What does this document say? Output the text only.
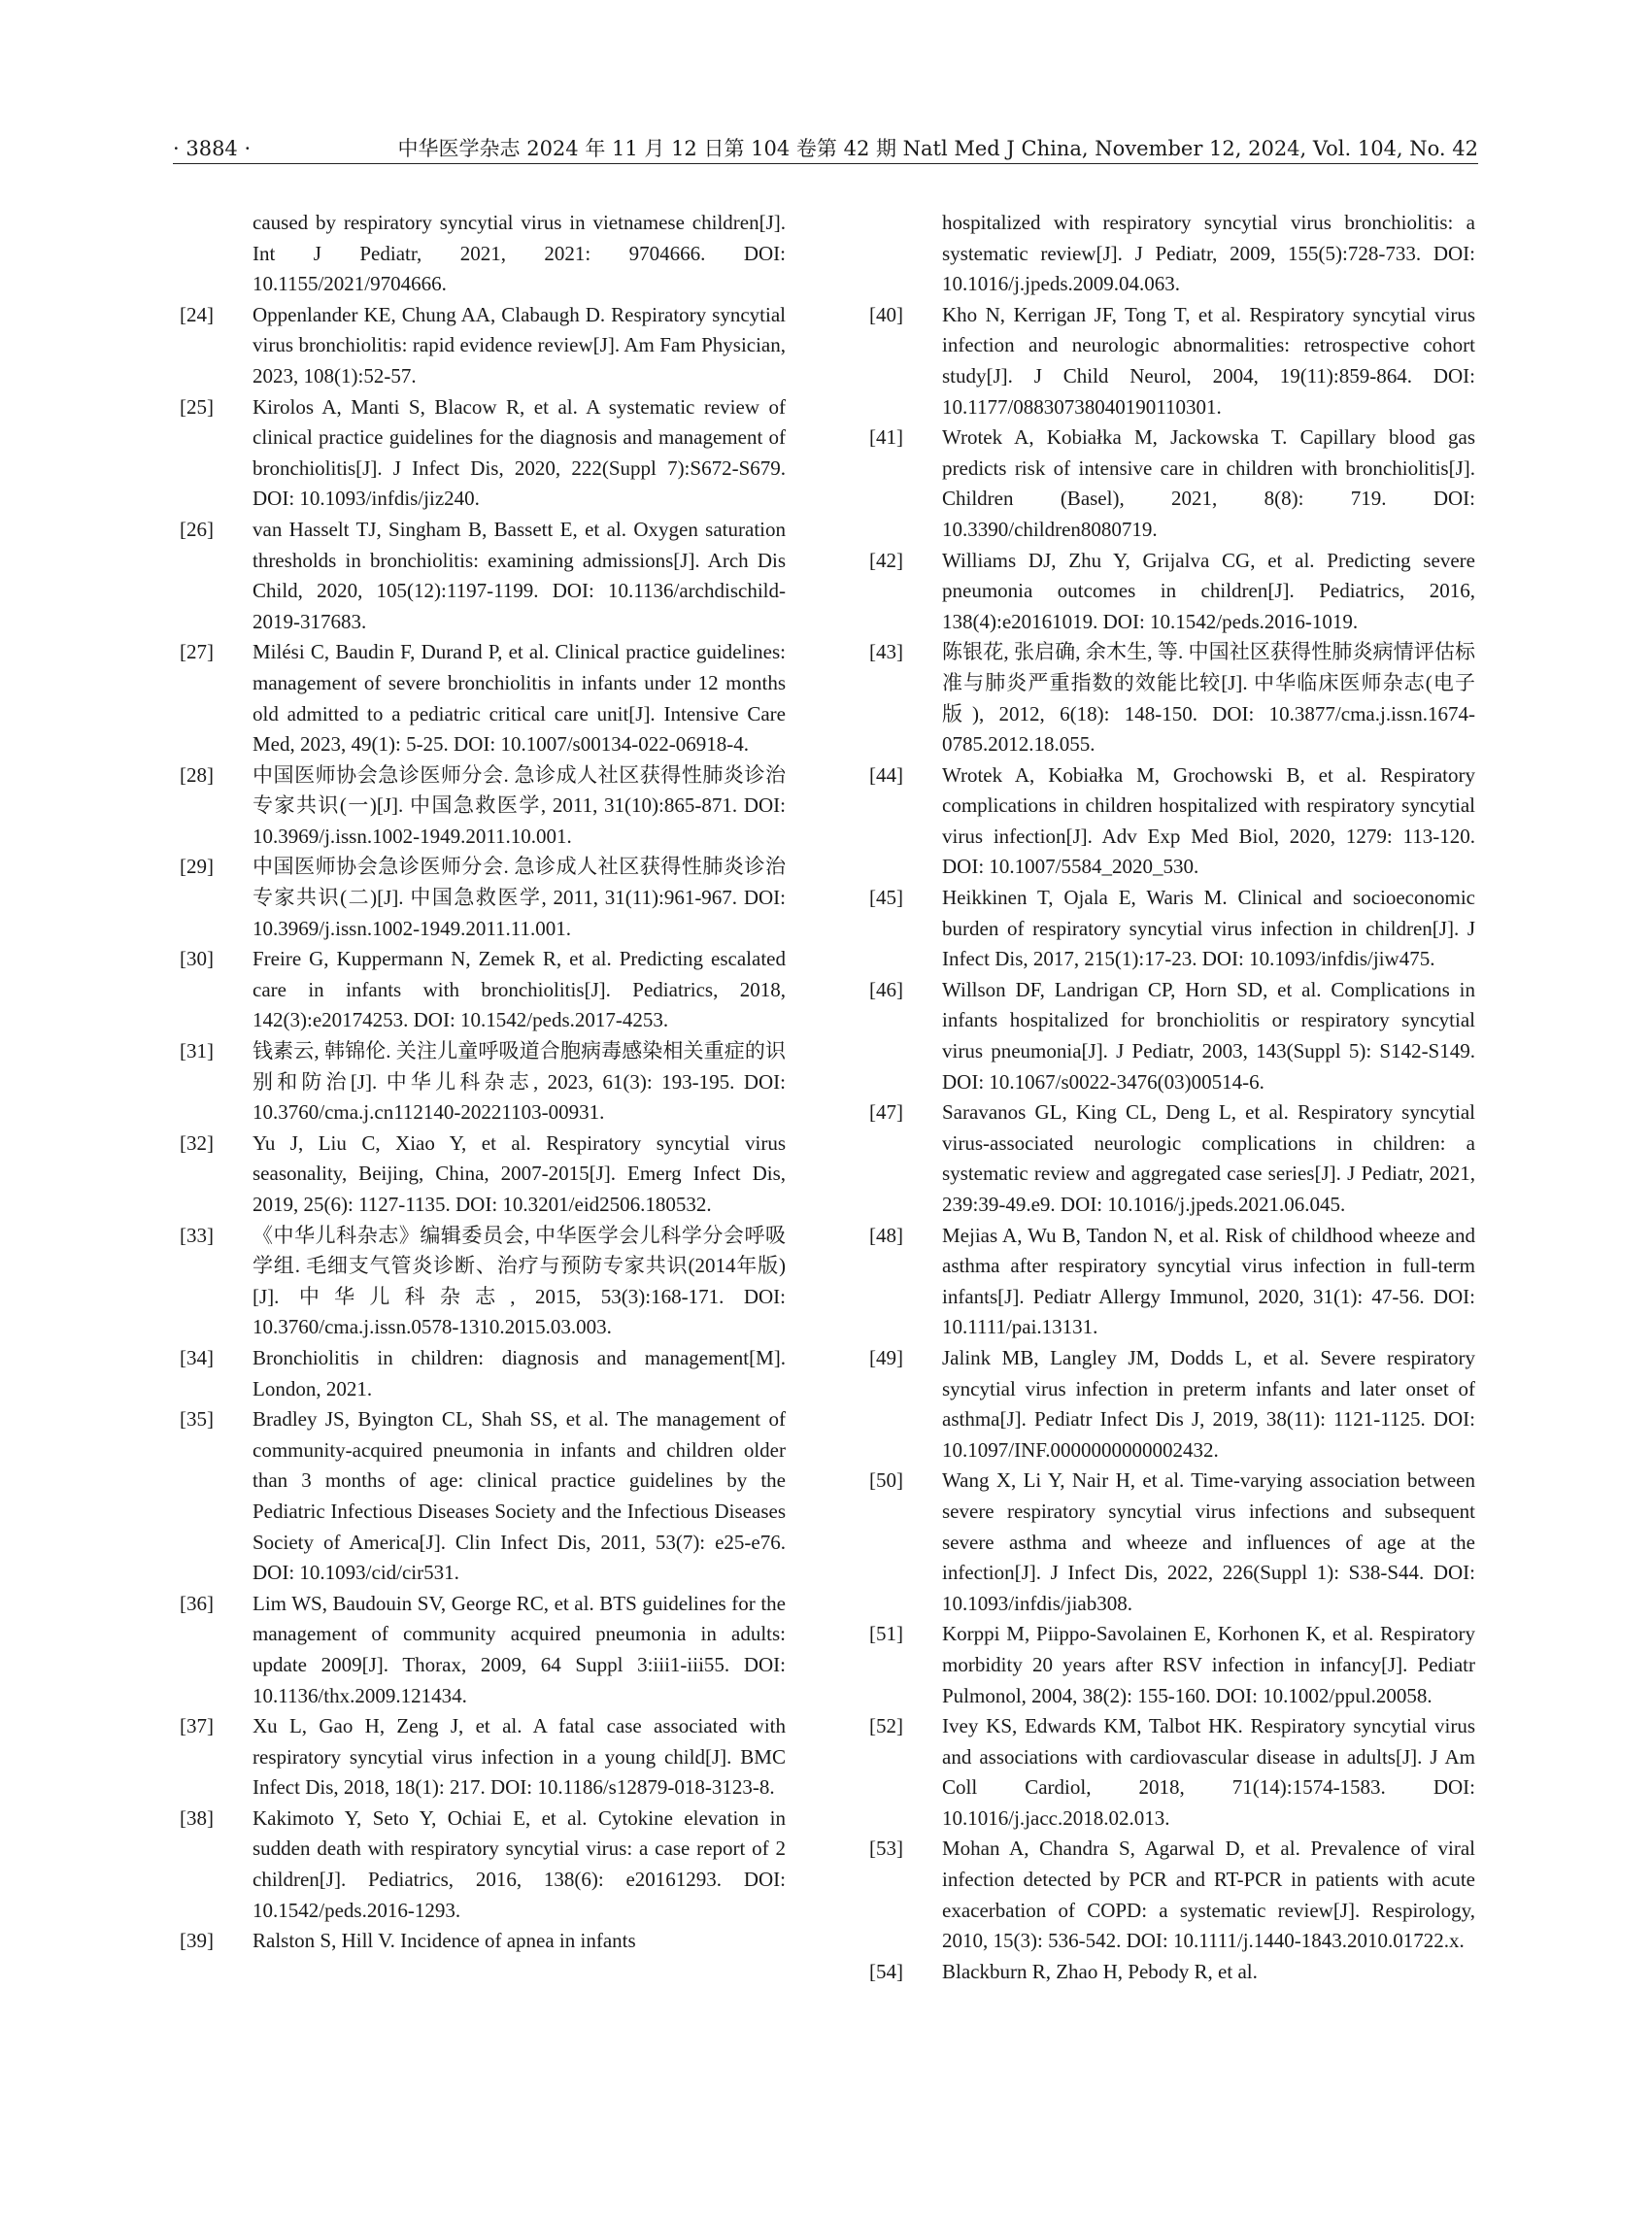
· 3884 ·	中华医学杂志 2024 年 11 月 12 日第 104 卷第 42 期 Natl Med J China, November 12, 2024, Vol. 104, No. 42
caused by respiratory syncytial virus in vietnamese children[J]. Int J Pediatr, 2021, 2021: 9704666. DOI: 10.1155/2021/9704666.
[24]	Oppenlander KE, Chung AA, Clabaugh D. Respiratory syncytial virus bronchiolitis: rapid evidence review[J]. Am Fam Physician, 2023, 108(1):52-57.
[25]	Kirolos A, Manti S, Blacow R, et al. A systematic review of clinical practice guidelines for the diagnosis and management of bronchiolitis[J]. J Infect Dis, 2020, 222(Suppl 7):S672-S679. DOI: 10.1093/infdis/jiz240.
[26]	van Hasselt TJ, Singham B, Bassett E, et al. Oxygen saturation thresholds in bronchiolitis: examining admissions[J]. Arch Dis Child, 2020, 105(12):1197-1199. DOI: 10.1136/archdischild-2019-317683.
[27]	Milési C, Baudin F, Durand P, et al. Clinical practice guidelines: management of severe bronchiolitis in infants under 12 months old admitted to a pediatric critical care unit[J]. Intensive Care Med, 2023, 49(1): 5-25. DOI: 10.1007/s00134-022-06918-4.
[28]	中国医师协会急诊医师分会. 急诊成人社区获得性肺炎诊治专家共识(一)[J]. 中国急救医学, 2011, 31(10):865-871. DOI: 10.3969/j.issn.1002-1949.2011.10.001.
[29]	中国医师协会急诊医师分会. 急诊成人社区获得性肺炎诊治专家共识(二)[J]. 中国急救医学, 2011, 31(11):961-967. DOI: 10.3969/j.issn.1002-1949.2011.11.001.
[30]	Freire G, Kuppermann N, Zemek R, et al. Predicting escalated care in infants with bronchiolitis[J]. Pediatrics, 2018, 142(3):e20174253. DOI: 10.1542/peds.2017-4253.
[31]	钱素云, 韩锦伦. 关注儿童呼吸道合胞病毒感染相关重症的识别和防治[J]. 中华儿科杂志, 2023, 61(3): 193-195. DOI: 10.3760/cma.j.cn112140-20221103-00931.
[32]	Yu J, Liu C, Xiao Y, et al. Respiratory syncytial virus seasonality, Beijing, China, 2007-2015[J]. Emerg Infect Dis, 2019, 25(6): 1127-1135. DOI: 10.3201/eid2506.180532.
[33]	《中华儿科杂志》编辑委员会, 中华医学会儿科学分会呼吸学组. 毛细支气管炎诊断、治疗与预防专家共识(2014年版)[J]. 中华儿科杂志, 2015, 53(3):168-171. DOI: 10.3760/cma.j.issn.0578-1310.2015.03.003.
[34]	Bronchiolitis in children: diagnosis and management[M]. London, 2021.
[35]	Bradley JS, Byington CL, Shah SS, et al. The management of community-acquired pneumonia in infants and children older than 3 months of age: clinical practice guidelines by the Pediatric Infectious Diseases Society and the Infectious Diseases Society of America[J]. Clin Infect Dis, 2011, 53(7): e25-e76. DOI: 10.1093/cid/cir531.
[36]	Lim WS, Baudouin SV, George RC, et al. BTS guidelines for the management of community acquired pneumonia in adults: update 2009[J]. Thorax, 2009, 64 Suppl 3:iii1-iii55. DOI: 10.1136/thx.2009.121434.
[37]	Xu L, Gao H, Zeng J, et al. A fatal case associated with respiratory syncytial virus infection in a young child[J]. BMC Infect Dis, 2018, 18(1): 217. DOI: 10.1186/s12879-018-3123-8.
[38]	Kakimoto Y, Seto Y, Ochiai E, et al. Cytokine elevation in sudden death with respiratory syncytial virus: a case report of 2 children[J]. Pediatrics, 2016, 138(6): e20161293. DOI: 10.1542/peds.2016-1293.
[39]	Ralston S, Hill V. Incidence of apnea in infants
hospitalized with respiratory syncytial virus bronchiolitis: a systematic review[J]. J Pediatr, 2009, 155(5):728-733. DOI: 10.1016/j.jpeds.2009.04.063.
[40]	Kho N, Kerrigan JF, Tong T, et al. Respiratory syncytial virus infection and neurologic abnormalities: retrospective cohort study[J]. J Child Neurol, 2004, 19(11):859-864. DOI: 10.1177/08830738040190110301.
[41]	Wrotek A, Kobiałka M, Jackowska T. Capillary blood gas predicts risk of intensive care in children with bronchiolitis[J]. Children (Basel), 2021, 8(8): 719. DOI: 10.3390/children8080719.
[42]	Williams DJ, Zhu Y, Grijalva CG, et al. Predicting severe pneumonia outcomes in children[J]. Pediatrics, 2016, 138(4):e20161019. DOI: 10.1542/peds.2016-1019.
[43]	陈银花, 张启确, 余木生, 等. 中国社区获得性肺炎病情评估标准与肺炎严重指数的效能比较[J]. 中华临床医师杂志(电子版), 2012, 6(18): 148-150. DOI: 10.3877/cma.j.issn.1674-0785.2012.18.055.
[44]	Wrotek A, Kobiałka M, Grochowski B, et al. Respiratory complications in children hospitalized with respiratory syncytial virus infection[J]. Adv Exp Med Biol, 2020, 1279: 113-120. DOI: 10.1007/5584_2020_530.
[45]	Heikkinen T, Ojala E, Waris M. Clinical and socioeconomic burden of respiratory syncytial virus infection in children[J]. J Infect Dis, 2017, 215(1):17-23. DOI: 10.1093/infdis/jiw475.
[46]	Willson DF, Landrigan CP, Horn SD, et al. Complications in infants hospitalized for bronchiolitis or respiratory syncytial virus pneumonia[J]. J Pediatr, 2003, 143(Suppl 5): S142-S149. DOI: 10.1067/s0022-3476(03)00514-6.
[47]	Saravanos GL, King CL, Deng L, et al. Respiratory syncytial virus-associated neurologic complications in children: a systematic review and aggregated case series[J]. J Pediatr, 2021, 239:39-49.e9. DOI: 10.1016/j.jpeds.2021.06.045.
[48]	Mejias A, Wu B, Tandon N, et al. Risk of childhood wheeze and asthma after respiratory syncytial virus infection in full-term infants[J]. Pediatr Allergy Immunol, 2020, 31(1): 47-56. DOI: 10.1111/pai.13131.
[49]	Jalink MB, Langley JM, Dodds L, et al. Severe respiratory syncytial virus infection in preterm infants and later onset of asthma[J]. Pediatr Infect Dis J, 2019, 38(11): 1121-1125. DOI: 10.1097/INF.0000000000002432.
[50]	Wang X, Li Y, Nair H, et al. Time-varying association between severe respiratory syncytial virus infections and subsequent severe asthma and wheeze and influences of age at the infection[J]. J Infect Dis, 2022, 226(Suppl 1): S38-S44. DOI: 10.1093/infdis/jiab308.
[51]	Korppi M, Piippo-Savolainen E, Korhonen K, et al. Respiratory morbidity 20 years after RSV infection in infancy[J]. Pediatr Pulmonol, 2004, 38(2): 155-160. DOI: 10.1002/ppul.20058.
[52]	Ivey KS, Edwards KM, Talbot HK. Respiratory syncytial virus and associations with cardiovascular disease in adults[J]. J Am Coll Cardiol, 2018, 71(14):1574-1583. DOI: 10.1016/j.jacc.2018.02.013.
[53]	Mohan A, Chandra S, Agarwal D, et al. Prevalence of viral infection detected by PCR and RT-PCR in patients with acute exacerbation of COPD: a systematic review[J]. Respirology, 2010, 15(3): 536-542. DOI: 10.1111/j.1440-1843.2010.01722.x.
[54]	Blackburn R, Zhao H, Pebody R, et al.
